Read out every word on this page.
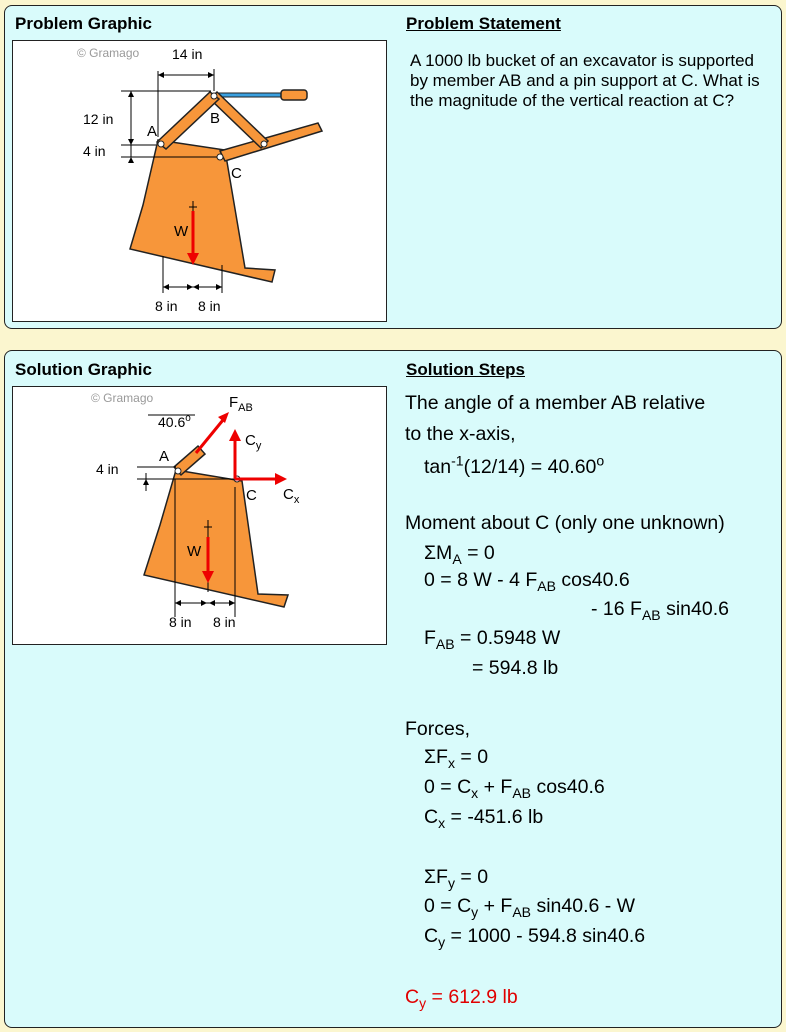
Problem Graphic	Problem Statement
© Gramago 14 in
12 in
4 in
A
B
C
W
8 in 8 in
A 1000 lb bucket of an excavator is supported by member AB and a pin support at C. What is the magnitude of the vertical reaction at C?
Solution Graphic	Solution Steps
© Gramago
40.6$^o$
$F_{AB}$
$C_y$
$C_x$
4 in
A
C
W
8 in 8 in
The angle of a member AB relative
to the x-axis,
$\tan^{-1}(12/14) = 40.60^o$
Moment about C (only one unknown)
$\Sigma M_A = 0$
0 = 8 W - 4 $F_{AB}$ cos40.6
- 16 $F_{AB}$ sin40.6
$F_{AB} = 0.5948$ W
= 594.8 lb
Forces,
$\Sigma F_x = 0$
$0 = C_x + F_{AB}$ cos40.6
$C_x = -451.6$ lb
$\Sigma F_y = 0$
$0 = C_y + F_{AB}$ sin40.6 - W
$C_y = 1000 - 594.8$ sin40.6
$C_y = 612.9$ lb
